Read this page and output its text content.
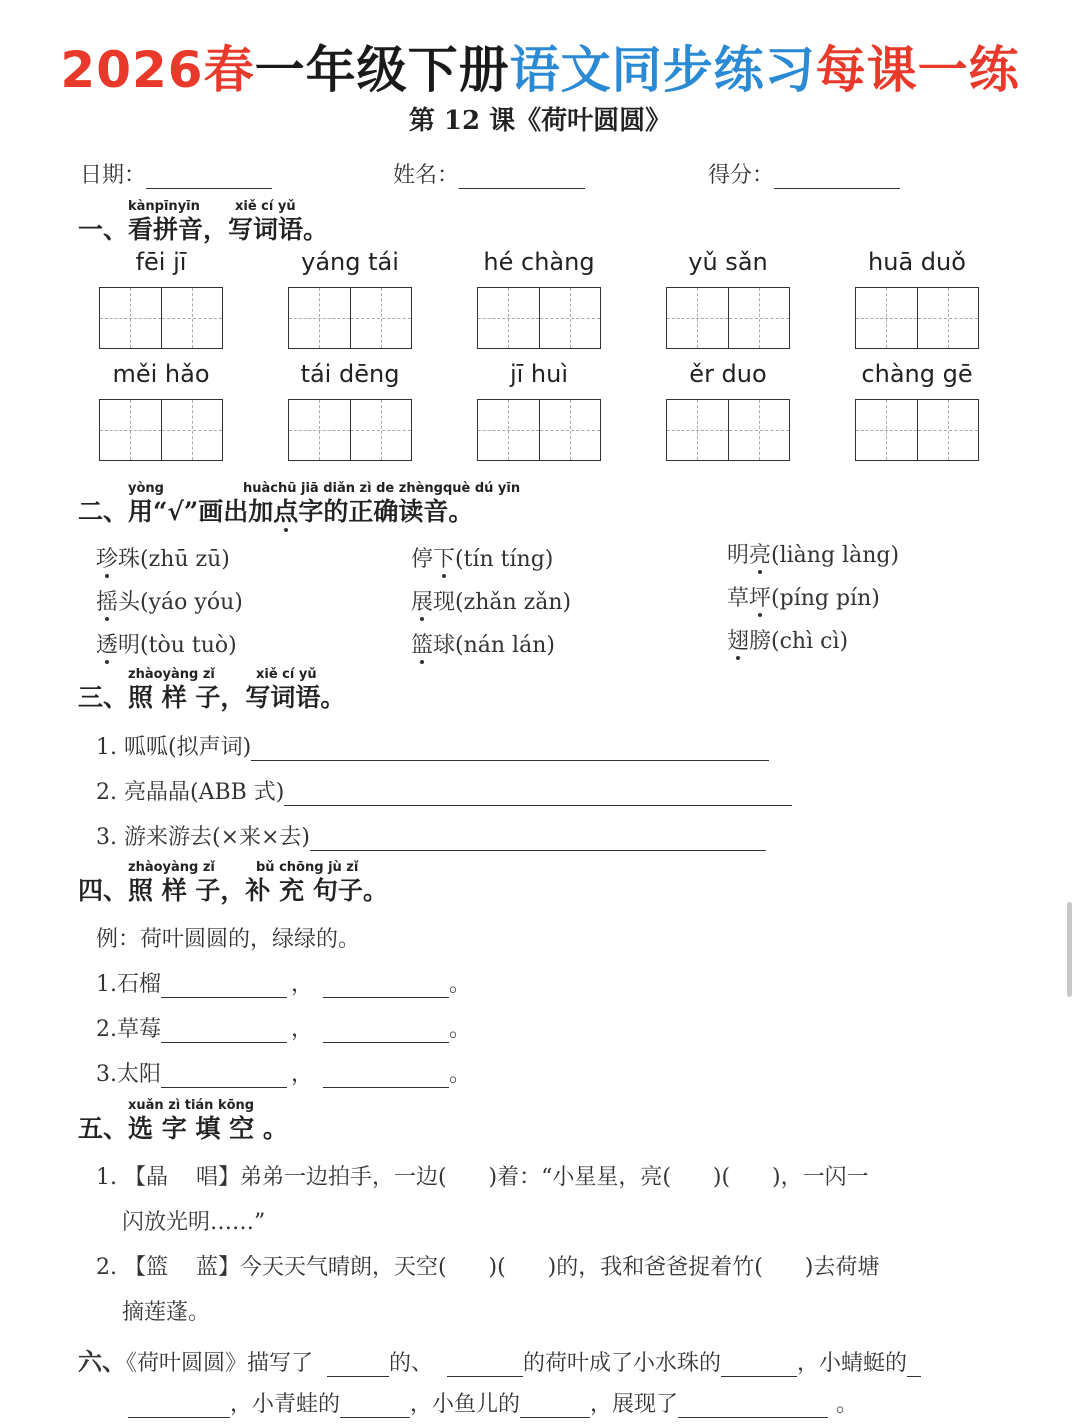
2026春一年级下册语文同步练习每课一练
第 12 课《荷叶圆圆》
日期：	姓名：	得分：
kànpīnyīn	xiě cí yǔ
一、看拼音，写词语。
fēi jī	yáng tái	hé chàng	yǔ sǎn	huā duǒ
měi hǎo	tái dēng	jī huì	ěr duo	chàng gē
yòng	huàchū jiā diǎn zì de zhèngquè dú yīn
二、用“√”画出加点字的正确读音。
珍珠(zhū zū)	停下(tín tíng)	明亮(liàng làng)
摇头(yáo yóu)	展现(zhǎn zǎn)	草坪(píng pín)
透明(tòu tuò)	篮球(nán lán)	翅膀(chì cì)
zhàoyàng zǐ	xiě cí yǔ
三、照 样 子，写词语。
1. 呱呱(拟声词)
2. 亮晶晶(ABB 式)
3. 游来游去(×来×去)
zhàoyàng zǐ	bǔ chōng jù zǐ
四、照 样 子，补 充 句子。
例：荷叶圆圆的，绿绿的。
1.石榴	，	。
2.草莓	，	。
3.太阳	，	。
xuǎn zì tián kōng
五、选 字 填 空 。
1. 【晶    唱】弟弟一边拍手，一边(      )着：“小星星，亮(      )(      )，一闪一
闪放光明……”
2. 【篮    蓝】今天天气晴朗，天空(      )(      )的，我和爸爸捉着竹(      )去荷塘
摘莲蓬。
六、《荷叶圆圆》描写了	的、	的荷叶成了小水珠的	，小蜻蜓的
，小青蛙的	，小鱼儿的	，展现了	。
